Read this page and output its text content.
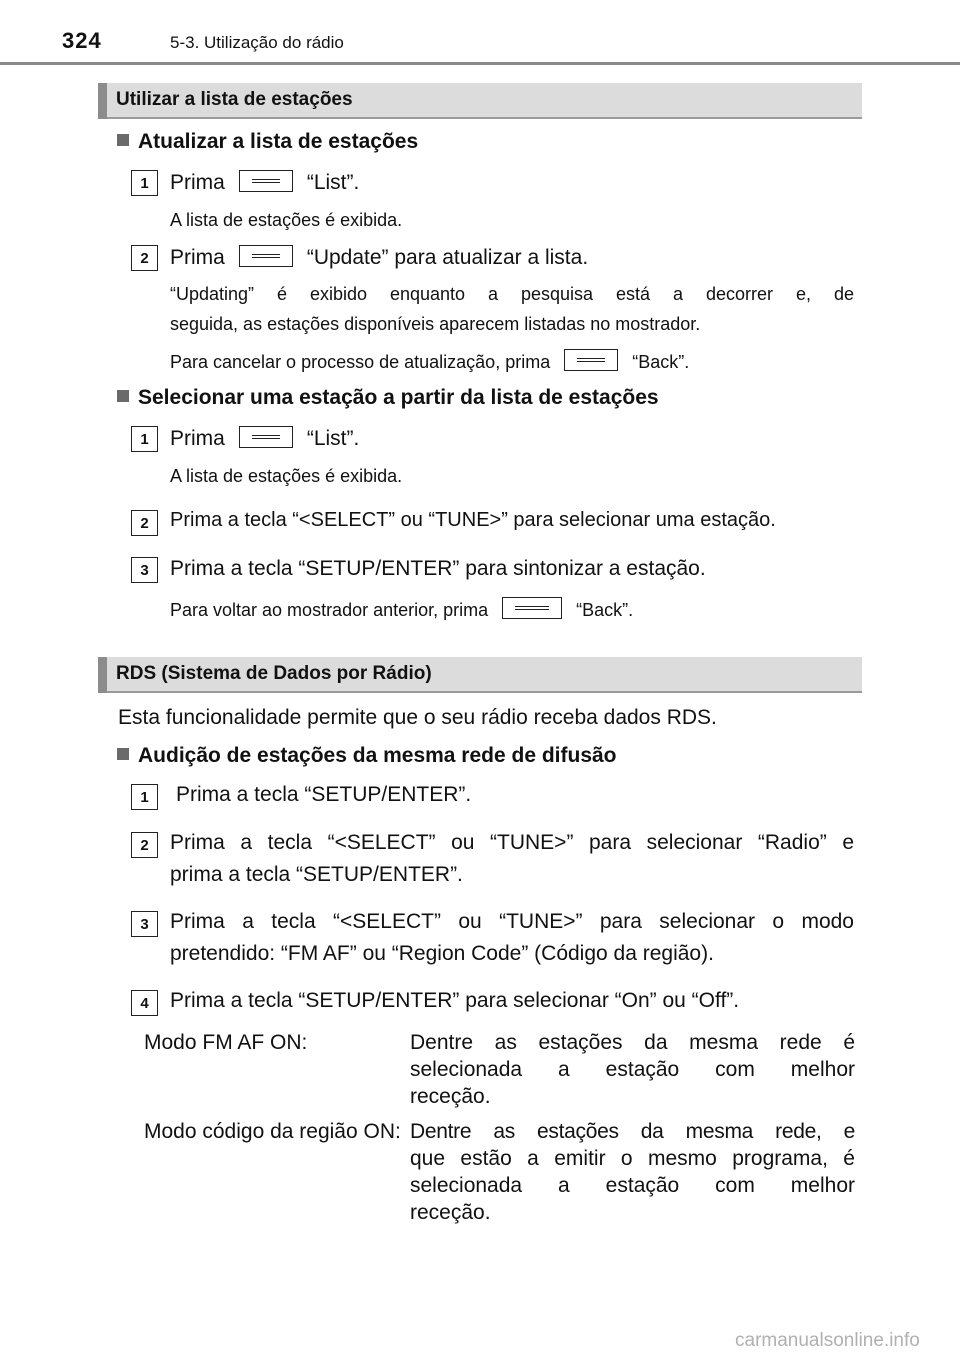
324	5-3. Utilização do rádio
Utilizar a lista de estações
Atualizar a lista de estações
1	Prima	“List”.
A lista de estações é exibida.
2	Prima	“Update” para atualizar a lista.
“Updating” é exibido enquanto a pesquisa está a decorrer e, de
seguida, as estações disponíveis aparecem listadas no mostrador.
Para cancelar o processo de atualização, prima	“Back”.
Selecionar uma estação a partir da lista de estações
1	Prima	“List”.
A lista de estações é exibida.
2	Prima a tecla “<SELECT” ou “TUNE>” para selecionar uma estação.
3	Prima a tecla “SETUP/ENTER” para sintonizar a estação.
Para voltar ao mostrador anterior, prima	“Back”.
RDS (Sistema de Dados por Rádio)
Esta funcionalidade permite que o seu rádio receba dados RDS.
Audição de estações da mesma rede de difusão
1	Prima a tecla “SETUP/ENTER”.
2	Prima a tecla “<SELECT” ou “TUNE>” para selecionar “Radio” e
prima a tecla “SETUP/ENTER”.
3	Prima a tecla “<SELECT” ou “TUNE>” para selecionar o modo
pretendido: “FM AF” ou “Region Code” (Código da região).
4	Prima a tecla “SETUP/ENTER” para selecionar “On” ou “Off”.
Modo FM AF ON:	Dentre as estações da mesma rede é
selecionada a estação com melhor
receção.
Modo código da região ON: Dentre as estações da mesma rede, e
que estão a emitir o mesmo programa, é
selecionada a estação com melhor
receção.
carmanualsonline.info
